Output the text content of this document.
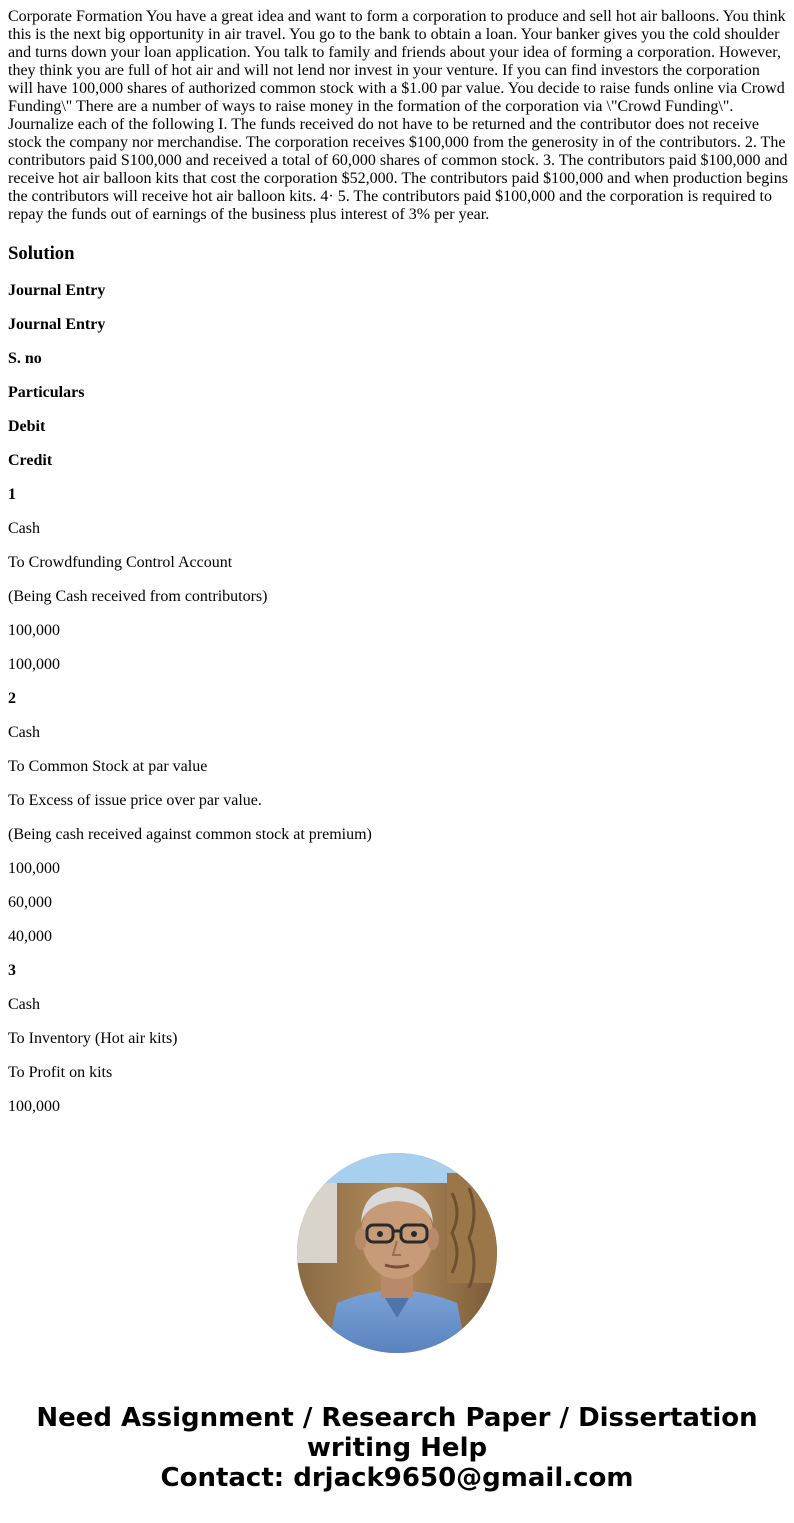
Corporate Formation You have a great idea and want to form a corporation to produce and sell hot air balloons. You think this is the next big opportunity in air travel. You go to the bank to obtain a loan. Your banker gives you the cold shoulder and turns down your loan application. You talk to family and friends about your idea of forming a corporation. However, they think you are full of hot air and will not lend nor invest in your venture. If you can find investors the corporation will have 100,000 shares of authorized common stock with a $1.00 par value. You decide to raise funds online via Crowd Funding\" There are a number of ways to raise money in the formation of the corporation via \"Crowd Funding\". Journalize each of the following I. The funds received do not have to be returned and the contributor does not receive stock the company nor merchandise. The corporation receives $100,000 from the generosity in of the contributors. 2. The contributors paid S100,000 and received a total of 60,000 shares of common stock. 3. The contributors paid $100,000 and receive hot air balloon kits that cost the corporation $52,000. The contributors paid $100,000 and when production begins the contributors will receive hot air balloon kits. 4· 5. The contributors paid $100,000 and the corporation is required to repay the funds out of earnings of the business plus interest of 3% per year.

Solution

Journal Entry

Journal Entry

S. no

Particulars

Debit

Credit

1

Cash

To Crowdfunding Control Account

(Being Cash received from contributors)

100,000

100,000

2

Cash

To Common Stock at par value

To Excess of issue price over par value.

(Being cash received against common stock at premium)

100,000

60,000

40,000

3

Cash

To Inventory (Hot air kits)

To Profit on kits

100,000

Need Assignment / Research Paper / Dissertation
writing Help
Contact: drjack9650@gmail.com
